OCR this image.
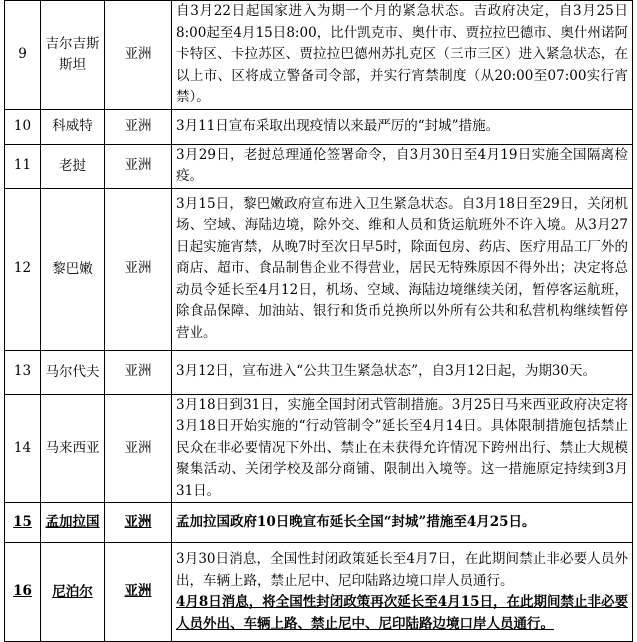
9	吉尔吉斯斯坦	亚洲	自3月22日起国家进入为期一个月的紧急状态。吉政府决定，自3月25日8:00起至4月15日8:00，比什凯克市、奥什市、贾拉拉巴德市、奥什州诺阿卡特区、卡拉苏区、贾拉拉巴德州苏扎克区（三市三区）进入紧急状态，在以上市、区将成立警备司令部，并实行宵禁制度（从20:00至07:00实行宵禁）。
10	科威特	亚洲	3月11日宣布采取出现疫情以来最严厉的“封城”措施。
11	老挝	亚洲	3月29日，老挝总理通伦签署命令，自3月30日至4月19日实施全国隔离检疫。
12	黎巴嫩	亚洲	3月15日，黎巴嫩政府宣布进入卫生紧急状态。自3月18日至29日，关闭机场、空域、海陆边境，除外交、维和人员和货运航班外不许入境。从3月27日起实施宵禁，从晚7时至次日早5时，除面包房、药店、医疗用品工厂外的商店、超市、食品制售企业不得营业，居民无特殊原因不得外出；决定将总动员令延长至4月12日，机场、空域、海陆边境继续关闭，暂停客运航班，除食品保障、加油站、银行和货币兑换所以外所有公共和私营机构继续暂停营业。
13	马尔代夫	亚洲	3月12日，宣布进入“公共卫生紧急状态”，自3月12日起，为期30天。
14	马来西亚	亚洲	3月18日到31日，实施全国封闭式管制措施。3月25日马来西亚政府决定将3月18日开始实施的“行动管制令”延长至4月14日。具体限制措施包括禁止民众在非必要情况下外出、禁止在未获得允许情况下跨州出行、禁止大规模聚集活动、关闭学校及部分商铺、限制出入境等。这一措施原定持续到3月31日。
15	孟加拉国	亚洲	孟加拉国政府10日晚宣布延长全国“封城”措施至4月25日。
16	尼泊尔	亚洲	3月30日消息，全国性封闭政策延长至4月7日，在此期间禁止非必要人员外出，车辆上路，禁止尼中、尼印陆路边境口岸人员通行。
4月8日消息，将全国性封闭政策再次延长至4月15日，在此期间禁止非必要人员外出、车辆上路、禁止尼中、尼印陆路边境口岸人员通行。
